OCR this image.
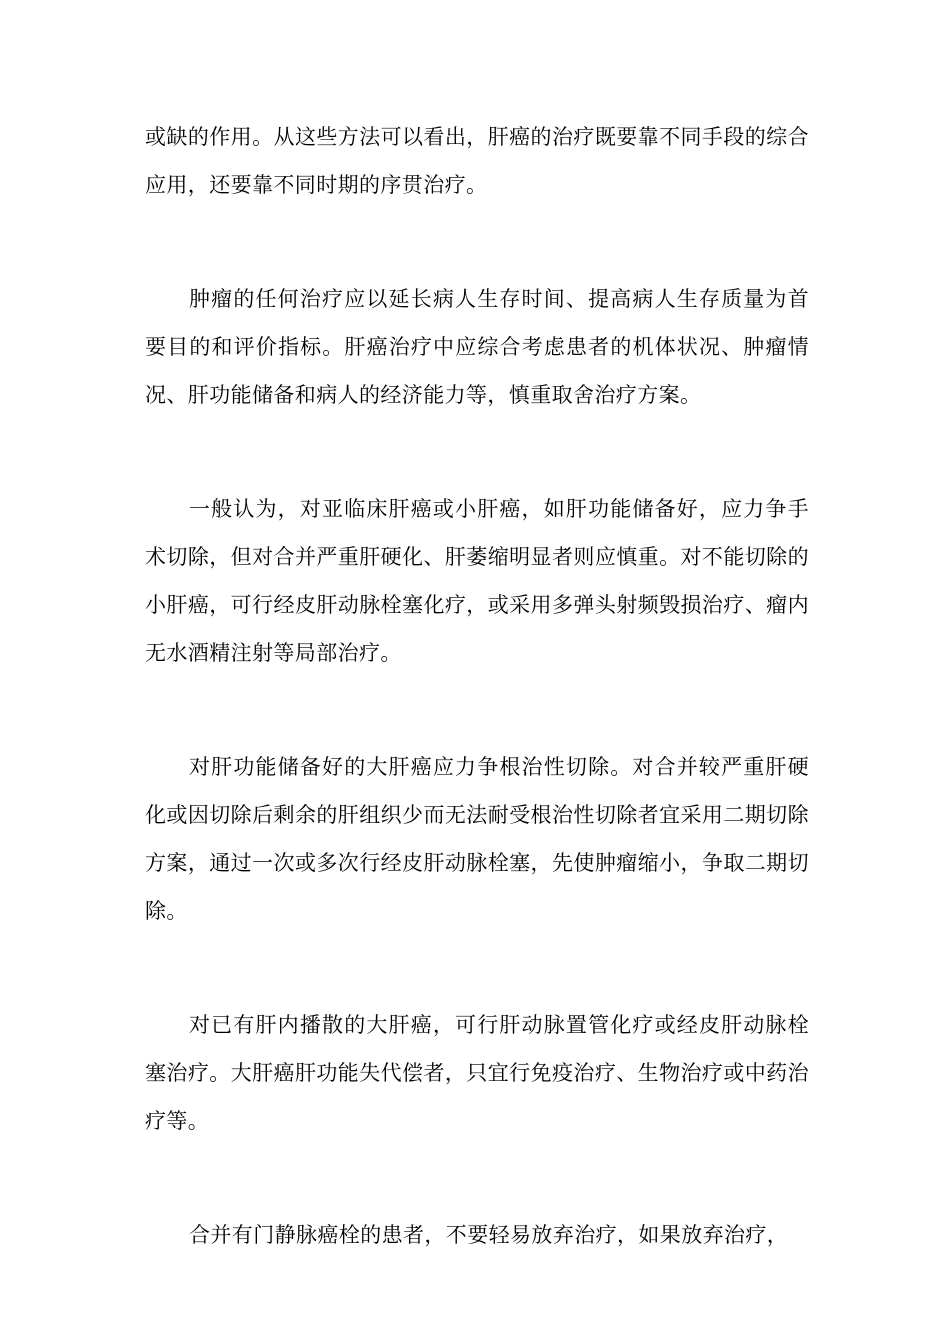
或缺的作用。从这些方法可以看出，肝癌的治疗既要靠不同手段的综合应用，还要靠不同时期的序贯治疗。

肿瘤的任何治疗应以延长病人生存时间、提高病人生存质量为首要目的和评价指标。肝癌治疗中应综合考虑患者的机体状况、肿瘤情况、肝功能储备和病人的经济能力等，慎重取舍治疗方案。

一般认为，对亚临床肝癌或小肝癌，如肝功能储备好，应力争手术切除，但对合并严重肝硬化、肝萎缩明显者则应慎重。对不能切除的小肝癌，可行经皮肝动脉栓塞化疗，或采用多弹头射频毁损治疗、瘤内无水酒精注射等局部治疗。

对肝功能储备好的大肝癌应力争根治性切除。对合并较严重肝硬化或因切除后剩余的肝组织少而无法耐受根治性切除者宜采用二期切除方案，通过一次或多次行经皮肝动脉栓塞，先使肿瘤缩小，争取二期切除。

对已有肝内播散的大肝癌，可行肝动脉置管化疗或经皮肝动脉栓塞治疗。大肝癌肝功能失代偿者，只宜行免疫治疗、生物治疗或中药治疗等。

合并有门静脉癌栓的患者，不要轻易放弃治疗，如果放弃治疗，
